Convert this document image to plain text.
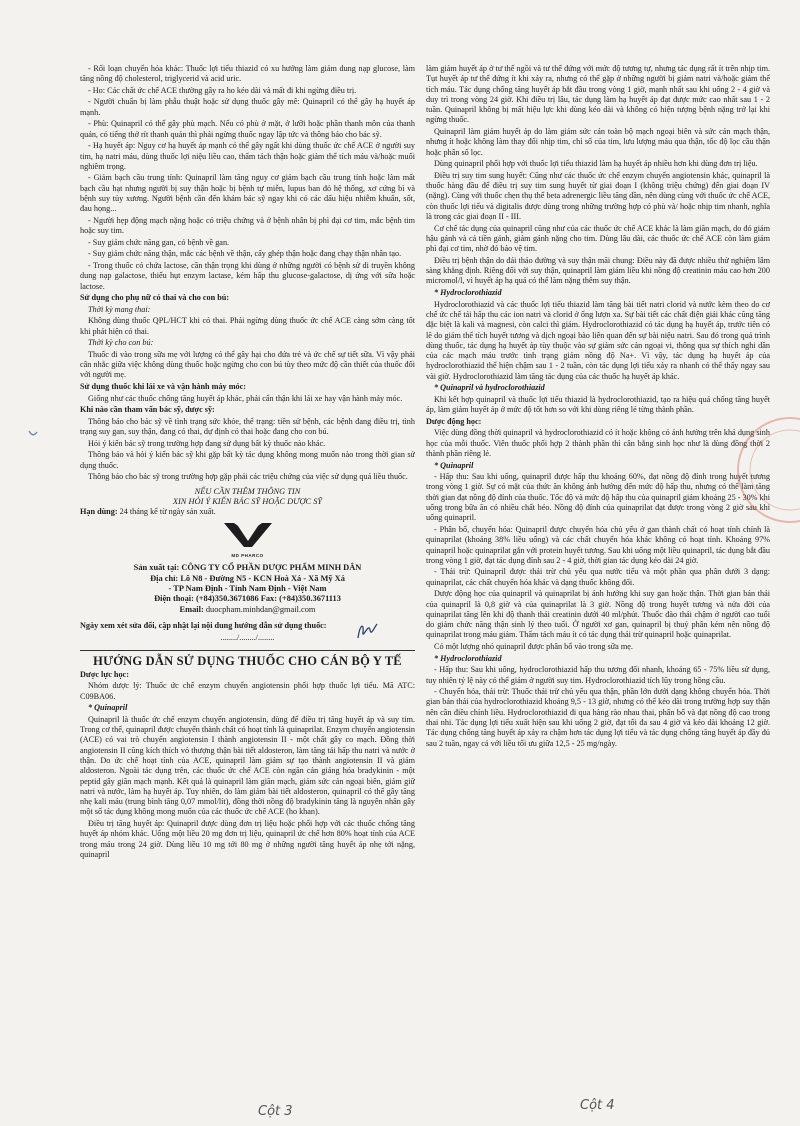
- Rối loạn chuyển hóa khác: Thuốc lợi tiểu thiazid có xu hướng làm giảm dung nạp glucose, làm tăng nồng độ cholesterol, triglycerid và acid uric.

- Ho: Các chất ức chế ACE thường gây ra ho kéo dài và mất đi khi ngừng điều trị.

- Người chuẩn bị làm phẫu thuật hoặc sử dụng thuốc gây mê: Quinapril có thể gây hạ huyết áp mạnh.

- Phù: Quinapril có thể gây phù mạch. Nếu có phù ở mặt, ở lưỡi hoặc phần thanh môn của thanh quản, có tiếng thở rít thanh quản thì phải ngừng thuốc ngay lập tức và thông báo cho bác sỹ.

- Hạ huyết áp: Nguy cơ hạ huyết áp mạnh có thể gây ngất khi dùng thuốc ức chế ACE ở người suy tim, hạ natri máu, dùng thuốc lợi niệu liều cao, thẩm tách thận hoặc giảm thể tích máu và/hoặc muối nghiêm trọng.

- Giảm bạch cầu trung tính: Quinapril làm tăng nguy cơ giảm bạch cầu trung tính hoặc làm mất bạch cầu hạt nhưng người bị suy thận hoặc bị bệnh tự miễn, lupus ban đỏ hệ thống, xơ cứng bì và bệnh suy tủy xương. Người bệnh cần đến khám bác sỹ ngay khi có các dấu hiệu nhiễm khuẩn, sốt, đau họng...

- Người hẹp động mạch nặng hoặc có triệu chứng và ở bệnh nhân bị phì đại cơ tim, mắc bệnh tim hoặc suy tim.

- Suy giảm chức năng gan, có bệnh về gan.

- Suy giảm chức năng thận, mắc các bệnh về thận, cấy ghép thận hoặc đang chạy thận nhân tạo.

- Trong thuốc có chứa lactose, cần thận trọng khi dùng ở những người có bệnh sử di truyền không dung nạp galactose, thiếu hụt enzym lactase, kém hấp thu glucose-galactose, dị ứng với sữa hoặc lactose.

Sử dụng cho phụ nữ có thai và cho con bú:

Thời kỳ mang thai:

Không dùng thuốc QPL/HCT khi có thai. Phải ngừng dùng thuốc ức chế ACE càng sớm càng tốt khi phát hiện có thai.

Thời kỳ cho con bú:

Thuốc đi vào trong sữa mẹ với lượng có thể gây hại cho đứa trẻ và ức chế sự tiết sữa. Vì vậy phải cân nhắc giữa việc không dùng thuốc hoặc ngừng cho con bú tùy theo mức độ cần thiết của thuốc đối với người mẹ.

Sử dụng thuốc khi lái xe và vận hành máy móc:

Giống như các thuốc chống tăng huyết áp khác, phải cẩn thận khi lái xe hay vận hành máy móc.

Khi nào cần tham vấn bác sỹ, dược sỹ:

Thông báo cho bác sỹ về tình trạng sức khỏe, thể trạng: tiền sử bệnh, các bệnh đang điều trị, tình trạng suy gan, suy thận, đang có thai, dự định có thai hoặc đang cho con bú.

Hỏi ý kiến bác sỹ trong trường hợp đang sử dụng bất kỳ thuốc nào khác.

Thông báo và hỏi ý kiến bác sỹ khi gặp bất kỳ tác dụng không mong muốn nào trong thời gian sử dụng thuốc.

Thông báo cho bác sỹ trong trường hợp gặp phải các triệu chứng của việc sử dụng quá liều thuốc.

NẾU CẦN THÊM THÔNG TIN
XIN HỎI Ý KIẾN BÁC SỸ HOẶC DƯỢC SỸ

Hạn dùng: 24 tháng kể từ ngày sản xuất.

MD PHARCO
Sản xuất tại: CÔNG TY CỔ PHẦN DƯỢC PHẨM MINH DÂN
Địa chỉ: Lô N8 - Đường N5 - KCN Hoà Xá - Xã Mỹ Xá
- TP Nam Định - Tỉnh Nam Định - Việt Nam
Điện thoại: (+84)350.3671086 Fax: (+84)350.3671113
Email: duocpham.minhdan@gmail.com
Ngày xem xét sửa đổi, cập nhật lại nội dung hướng dẫn sử dụng thuốc:
......../......../........
HƯỚNG DẪN SỬ DỤNG THUỐC CHO CÁN BỘ Y TẾ

Dược lực học:

Nhóm dược lý: Thuốc ức chế enzym chuyển angiotensin phối hợp thuốc lợi tiểu. Mã ATC: C09BA06.

* Quinapril

Quinapril là thuốc ức chế enzym chuyển angiotensin, dùng để điều trị tăng huyết áp và suy tim. Trong cơ thể, quinapril được chuyển thành chất có hoạt tính là quinaprilat. Enzym chuyển angiotensin (ACE) có vai trò chuyển angiotensin I thành angiotensin II - một chất gây co mạch. Đồng thời angiotensin II cũng kích thích vỏ thượng thận bài tiết aldosteron, làm tăng tái hấp thu natri và nước ở thận. Do ức chế hoạt tính của ACE, quinapril làm giảm sự tạo thành angiotensin II và giảm aldosteron. Ngoài tác dụng trên, các thuốc ức chế ACE còn ngăn cản giáng hóa bradykinin - một peptid gây giãn mạch mạnh. Kết quả là quinapril làm giãn mạch, giảm sức cản ngoại biên, giảm giữ natri và nước, làm hạ huyết áp. Tuy nhiên, do làm giảm bài tiết aldosteron, quinapril có thể gây tăng nhẹ kali máu (trung bình tăng 0,07 mmol/lít), đồng thời nồng độ bradykinin tăng là nguyên nhân gây một số tác dụng không mong muốn của các thuốc ức chế ACE (ho khan).

Điều trị tăng huyết áp: Quinapril được dùng đơn trị liệu hoặc phối hợp với các thuốc chống tăng huyết áp nhóm khác. Uống một liều 20 mg đơn trị liệu, quinapril ức chế hơn 80% hoạt tính của ACE trong máu trong 24 giờ. Dùng liều 10 mg tới 80 mg ở những người tăng huyết áp nhẹ tới nặng, quinapril

làm giảm huyết áp ở tư thế ngồi và tư thế đứng với mức độ tương tự, nhưng tác dụng rất ít trên nhịp tim. Tụt huyết áp tư thế đứng ít khi xảy ra, nhưng có thể gặp ở những người bị giảm natri và/hoặc giảm thể tích máu. Tác dụng chống tăng huyết áp bắt đầu trong vòng 1 giờ, mạnh nhất sau khi uống 2 - 4 giờ và duy trì trong vòng 24 giờ. Khi điều trị lâu, tác dụng làm hạ huyết áp đạt được mức cao nhất sau 1 - 2 tuần. Quinapril không bị mất hiệu lực khi dùng kéo dài và không có hiện tượng bệnh nặng trở lại khi ngừng thuốc.

Quinapril làm giảm huyết áp do làm giảm sức cản toàn bộ mạch ngoại biên và sức cản mạch thận, nhưng ít hoặc không làm thay đổi nhịp tim, chỉ số của tim, lưu lượng máu qua thận, tốc độ lọc cầu thận hoặc phân số lọc.

Dùng quinapril phối hợp với thuốc lợi tiểu thiazid làm hạ huyết áp nhiều hơn khi dùng đơn trị liệu.

Điều trị suy tim sung huyết: Cũng như các thuốc ức chế enzym chuyển angiotensin khác, quinapril là thuốc hàng đầu để điều trị suy tim sung huyết từ giai đoạn I (không triệu chứng) đến giai đoạn IV (nặng). Cùng với thuốc chẹn thụ thể beta adrenergic liều tăng dần, nên dùng cùng với thuốc ức chế ACE, còn thuốc lợi tiểu và digitalis được dùng trong những trường hợp có phù và/ hoặc nhịp tim nhanh, nghĩa là trong các giai đoạn II - III.

Cơ chế tác dụng của quinapril cũng như của các thuốc ức chế ACE khác là làm giãn mạch, do đó giảm hậu gánh và cả tiền gánh, giảm gánh nặng cho tim. Dùng lâu dài, các thuốc ức chế ACE còn làm giảm phì đại cơ tim, nhờ đó bảo vệ tim.

Điều trị bệnh thận do đái tháo đường và suy thận mãi chung: Điều này đã được nhiều thử nghiệm lâm sàng khẳng định. Riêng đối với suy thận, quinapril làm giảm liều khi nồng độ creatinin máu cao hơn 200 micromol/l, vì huyết áp hạ quá có thể làm nặng thêm suy thận.

* Hydroclorothiazid

Hydroclorothiazid và các thuốc lợi tiểu thiazid làm tăng bài tiết natri clorid và nước kèm theo do cơ chế ức chế tái hấp thu các ion natri và clorid ở ống lượn xa. Sự bài tiết các chất điện giải khác cũng tăng đặc biệt là kali và magnesi, còn calci thì giảm. Hydroclorothiazid có tác dụng hạ huyết áp, trước tiên có lẽ do giảm thể tích huyết tương và dịch ngoại bào liên quan đến sự bài niệu natri. Sau đó trong quá trình dùng thuốc, tác dụng hạ huyết áp tùy thuộc vào sự giảm sức cản ngoại vi, thông qua sự thích nghi dần của các mạch máu trước tình trạng giảm nồng độ Na+. Vì vậy, tác dụng hạ huyết áp của hydroclorothiazid thể hiện chậm sau 1 - 2 tuần, còn tác dụng lợi tiểu xảy ra nhanh có thể thấy ngay sau vài giờ. Hydroclorothiazid làm tăng tác dụng của các thuốc hạ huyết áp khác.

* Quinapril và hydroclorothiazid

Khi kết hợp quinapril và thuốc lợi tiểu thiazid là hydroclorothiazid, tạo ra hiệu quả chống tăng huyết áp, làm giảm huyết áp ở mức độ tốt hơn so với khi dùng riêng lẻ từng thành phần.

Dược động học:

Việc dùng đồng thời quinapril và hydroclorothiazid có ít hoặc không có ảnh hưởng trên khả dụng sinh học của mỗi thuốc. Viên thuốc phối hợp 2 thành phần thì cân bằng sinh học như là dùng đồng thời 2 thành phần riêng lẻ.

* Quinapril

- Hấp thu: Sau khi uống, quinapril được hấp thu khoảng 60%, đạt nồng độ đỉnh trong huyết tương trong vòng 1 giờ. Sự có mặt của thức ăn không ảnh hưởng đến mức độ hấp thu, nhưng có thể làm tăng thời gian đạt nồng độ đỉnh của thuốc. Tốc độ và mức độ hấp thu của quinapril giảm khoảng 25 - 30% khi uống trong bữa ăn có nhiều chất béo. Nồng độ đỉnh của quinaprilat đạt được trong vòng 2 giờ sau khi uống quinapril.

- Phân bố, chuyển hóa: Quinapril được chuyển hóa chủ yếu ở gan thành chất có hoạt tính chính là quinaprilat (khoảng 38% liều uống) và các chất chuyển hóa khác không có hoạt tính. Khoảng 97% quinapril hoặc quinaprilat gắn với protein huyết tương. Sau khi uống một liều quinapril, tác dụng bắt đầu trong vòng 1 giờ, đạt tác dụng đỉnh sau 2 - 4 giờ, thời gian tác dụng kéo dài 24 giờ.

- Thải trừ: Quinapril được thải trừ chủ yếu qua nước tiểu và một phần qua phân dưới 3 dạng: quinaprilat, các chất chuyển hóa khác và dạng thuốc không đổi.

Dược động học của quinapril và quinaprilat bị ảnh hưởng khi suy gan hoặc thận. Thời gian bán thải của quinapril là 0,8 giờ và của quinaprilat là 3 giờ. Nồng độ trong huyết tương và nửa đời của quinaprilat tăng lên khi độ thanh thải creatinin dưới 40 ml/phút. Thuốc đào thải chậm ở người cao tuổi do giảm chức năng thận sinh lý theo tuổi. Ở người xơ gan, quinapril bị thuỷ phân kém nên nồng độ quinaprilat trong máu giảm. Thẩm tách máu ít có tác dụng thải trừ quinapril hoặc quinaprilat.

Có một lượng nhỏ quinapril được phân bố vào trong sữa mẹ.

* Hydroclorothiazid

- Hấp thu: Sau khi uống, hydroclorothiazid hấp thu tương đối nhanh, khoảng 65 - 75% liều sử dụng, tuy nhiên tỷ lệ này có thể giảm ở người suy tim. Hydroclorothiazid tích lũy trong hồng cầu.

- Chuyển hóa, thải trừ: Thuốc thải trừ chủ yếu qua thận, phần lớn dưới dạng không chuyển hóa. Thời gian bán thải của hydroclorothiazid khoảng 9,5 - 13 giờ, nhưng có thể kéo dài trong trường hợp suy thận nên cần điều chỉnh liều. Hydroclorothiazid đi qua hàng rào nhau thai, phân bố và đạt nồng độ cao trong thai nhi. Tác dụng lợi tiểu xuất hiện sau khi uống 2 giờ, đạt tối đa sau 4 giờ và kéo dài khoảng 12 giờ. Tác dụng chống tăng huyết áp xảy ra chậm hơn tác dụng lợi tiểu và tác dụng chống tăng huyết áp đầy đủ sau 2 tuần, ngay cả với liều tối ưu giữa 12,5 - 25 mg/ngày.

Cột 3	Cột 4
